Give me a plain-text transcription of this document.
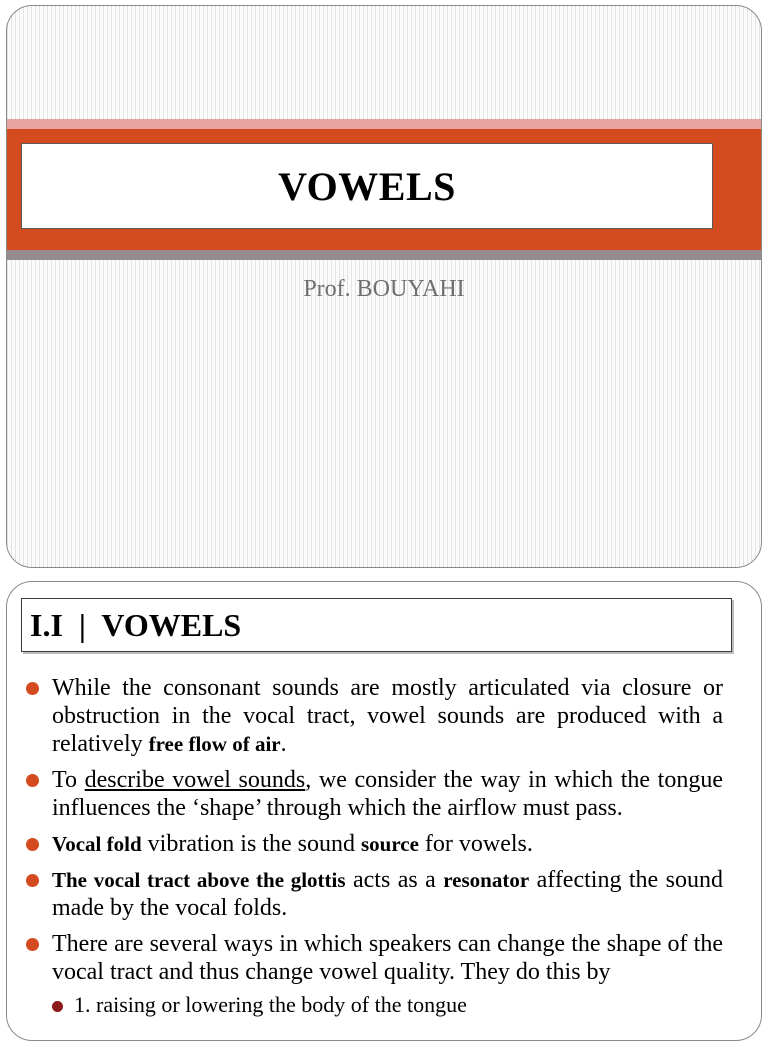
VOWELS
Prof. BOUYAHI
I.I  |  VOWELS
While the consonant sounds are mostly articulated via closure or obstruction in the vocal tract, vowel sounds are produced with a relatively free flow of air.
To describe vowel sounds, we consider the way in which the tongue influences the ‘shape’ through which the airflow must pass.
Vocal fold vibration is the sound source for vowels.
The vocal tract above the glottis acts as a resonator affecting the sound made by the vocal folds.
There are several ways in which speakers can change the shape of the vocal tract and thus change vowel quality. They do this by
1. raising or lowering the body of the tongue
